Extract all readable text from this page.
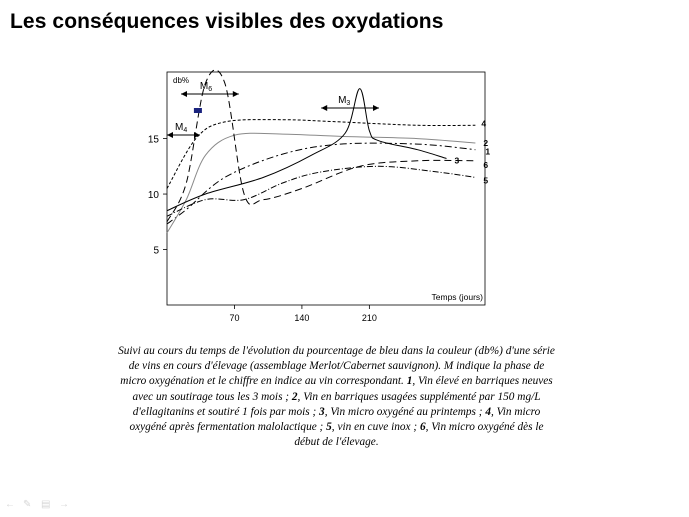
Les conséquences visibles des oxydations
5
10
15
70	140	210
db%
Temps (jours)
1
2
3
4
5
6
$M_6$
$M_4$
$M_3$
Suivi au cours du temps de l'évolution du pourcentage de bleu dans la couleur (db%) d'une série de vins en cours d'élevage (assemblage Merlot/Cabernet sauvignon). M indique la phase de micro oxygénation et le chiffre en indice au vin correspondant. 1, Vin élevé en barriques neuves avec un soutirage tous les 3 mois ; 2, Vin en barriques usagées supplémenté par 150 mg/L d'ellagitanins et soutiré 1 fois par mois ; 3, Vin micro oxygéné au printemps ; 4, Vin micro oxygéné après fermentation malolactique ; 5, vin en cuve inox ; 6, Vin micro oxygéné dès le début de l'élevage.
← ✎ ▤ →
